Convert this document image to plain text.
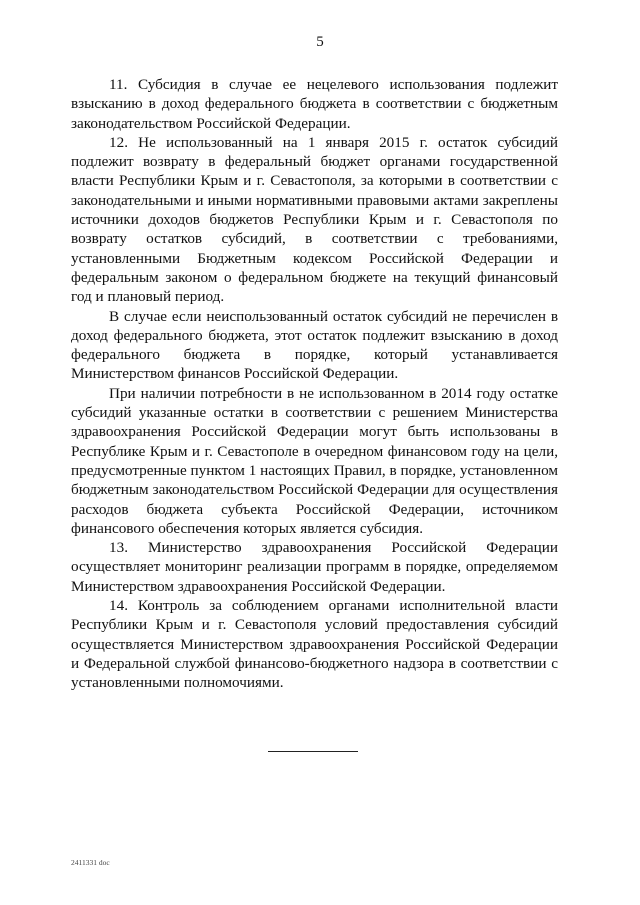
5

11. Субсидия в случае ее нецелевого использования подлежит взысканию в доход федерального бюджета в соответствии с бюджетным законодательством Российской Федерации.

12. Не использованный на 1 января 2015 г. остаток субсидий подлежит возврату в федеральный бюджет органами государственной власти Республики Крым и г. Севастополя, за которыми в соответствии с законодательными и иными нормативными правовыми актами закреплены источники доходов бюджетов Республики Крым и г. Севастополя по возврату остатков субсидий, в соответствии с требованиями, установленными Бюджетным кодексом Российской Федерации и федеральным законом о федеральном бюджете на текущий финансовый год и плановый период.

В случае если неиспользованный остаток субсидий не перечислен в доход федерального бюджета, этот остаток подлежит взысканию в доход федерального бюджета в порядке, который устанавливается Министерством финансов Российской Федерации.

При наличии потребности в не использованном в 2014 году остатке субсидий указанные остатки в соответствии с решением Министерства здравоохранения Российской Федерации могут быть использованы в Республике Крым и г. Севастополе в очередном финансовом году на цели, предусмотренные пунктом 1 настоящих Правил, в порядке, установленном бюджетным законодательством Российской Федерации для осуществления расходов бюджета субъекта Российской Федерации, источником финансового обеспечения которых является субсидия.

13. Министерство здравоохранения Российской Федерации осуществляет мониторинг реализации программ в порядке, определяемом Министерством здравоохранения Российской Федерации.

14. Контроль за соблюдением органами исполнительной власти Республики Крым и г. Севастополя условий предоставления субсидий осуществляется Министерством здравоохранения Российской Федерации и Федеральной службой финансово-бюджетного надзора в соответствии с установленными полномочиями.

2411331 doc
